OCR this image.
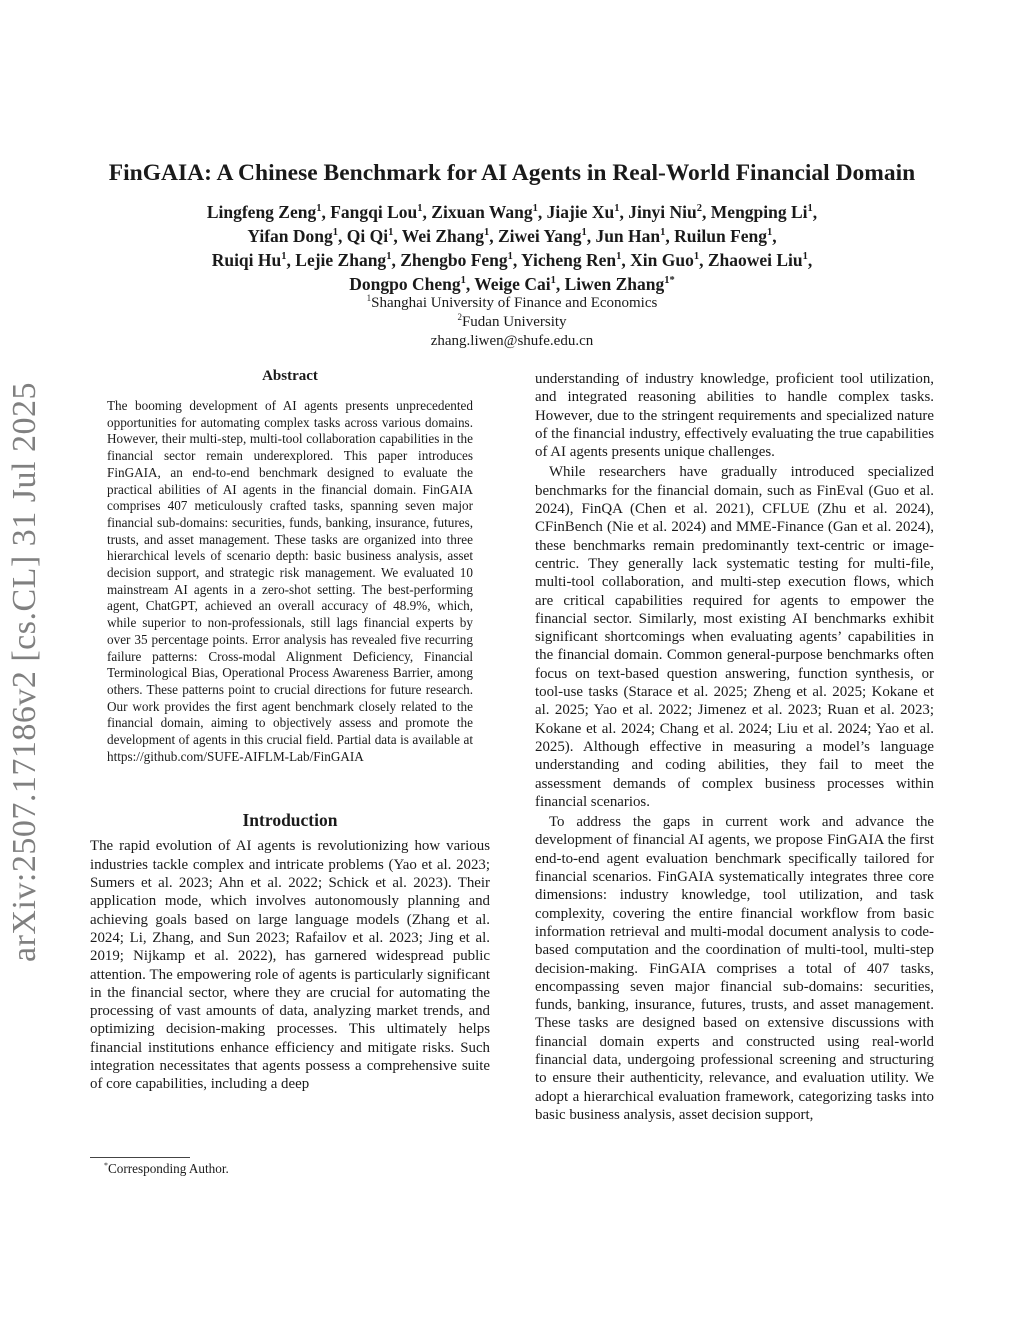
arXiv:2507.17186v2 [cs.CL] 31 Jul 2025
FinGAIA: A Chinese Benchmark for AI Agents in Real-World Financial Domain
Lingfeng Zeng$^1$, Fangqi Lou$^1$, Zixuan Wang$^1$, Jiajie Xu$^1$, Jinyi Niu$^2$, Mengping Li$^1$,
Yifan Dong$^1$, Qi Qi$^1$, Wei Zhang$^1$, Ziwei Yang$^1$, Jun Han$^1$, Ruilun Feng$^1$,
Ruiqi Hu$^1$, Lejie Zhang$^1$, Zhengbo Feng$^1$, Yicheng Ren$^1$, Xin Guo$^1$, Zhaowei Liu$^1$,
Dongpo Cheng$^1$, Weige Cai$^1$, Liwen Zhang$^{1*}$
$^1$Shanghai University of Finance and Economics
$^2$Fudan University
zhang.liwen@shufe.edu.cn
Abstract
The booming development of AI agents presents unprecedented opportunities for automating complex tasks across various domains. However, their multi-step, multi-tool collaboration capabilities in the financial sector remain underexplored. This paper introduces FinGAIA, an end-to-end benchmark designed to evaluate the practical abilities of AI agents in the financial domain. FinGAIA comprises 407 meticulously crafted tasks, spanning seven major financial sub-domains: securities, funds, banking, insurance, futures, trusts, and asset management. These tasks are organized into three hierarchical levels of scenario depth: basic business analysis, asset decision support, and strategic risk management. We evaluated 10 mainstream AI agents in a zero-shot setting. The best-performing agent, ChatGPT, achieved an overall accuracy of 48.9%, which, while superior to non-professionals, still lags financial experts by over 35 percentage points. Error analysis has revealed five recurring failure patterns: Cross-modal Alignment Deficiency, Financial Terminological Bias, Operational Process Awareness Barrier, among others. These patterns point to crucial directions for future research. Our work provides the first agent benchmark closely related to the financial domain, aiming to objectively assess and promote the development of agents in this crucial field. Partial data is available at https://github.com/SUFE-AIFLM-Lab/FinGAIA
Introduction

The rapid evolution of AI agents is revolutionizing how various industries tackle complex and intricate problems (Yao et al. 2023; Sumers et al. 2023; Ahn et al. 2022; Schick et al. 2023). Their application mode, which involves autonomously planning and achieving goals based on large language models (Zhang et al. 2024; Li, Zhang, and Sun 2023; Rafailov et al. 2023; Jing et al. 2019; Nijkamp et al. 2022), has garnered widespread public attention. The empowering role of agents is particularly significant in the financial sector, where they are crucial for automating the processing of vast amounts of data, analyzing market trends, and optimizing decision-making processes. This ultimately helps financial institutions enhance efficiency and mitigate risks. Such integration necessitates that agents possess a comprehensive suite of core capabilities, including a deep

*Corresponding Author.

understanding of industry knowledge, proficient tool utilization, and integrated reasoning abilities to handle complex tasks. However, due to the stringent requirements and specialized nature of the financial industry, effectively evaluating the true capabilities of AI agents presents unique challenges.

While researchers have gradually introduced specialized benchmarks for the financial domain, such as FinEval (Guo et al. 2024), FinQA (Chen et al. 2021), CFLUE (Zhu et al. 2024), CFinBench (Nie et al. 2024) and MME-Finance (Gan et al. 2024), these benchmarks remain predominantly text-centric or image-centric. They generally lack systematic testing for multi-file, multi-tool collaboration, and multi-step execution flows, which are critical capabilities required for agents to empower the financial sector. Similarly, most existing AI benchmarks exhibit significant shortcomings when evaluating agents’ capabilities in the financial domain. Common general-purpose benchmarks often focus on text-based question answering, function synthesis, or tool-use tasks (Starace et al. 2025; Zheng et al. 2025; Kokane et al. 2025; Yao et al. 2022; Jimenez et al. 2023; Ruan et al. 2023; Kokane et al. 2024; Chang et al. 2024; Liu et al. 2024; Yao et al. 2025). Although effective in measuring a model’s language understanding and coding abilities, they fail to meet the assessment demands of complex business processes within financial scenarios.

To address the gaps in current work and advance the development of financial AI agents, we propose FinGAIA the first end-to-end agent evaluation benchmark specifically tailored for financial scenarios. FinGAIA systematically integrates three core dimensions: industry knowledge, tool utilization, and task complexity, covering the entire financial workflow from basic information retrieval and multi-modal document analysis to code-based computation and the coordination of multi-tool, multi-step decision-making. FinGAIA comprises a total of 407 tasks, encompassing seven major financial sub-domains: securities, funds, banking, insurance, futures, trusts, and asset management. These tasks are designed based on extensive discussions with financial domain experts and constructed using real-world financial data, undergoing professional screening and structuring to ensure their authenticity, relevance, and evaluation utility. We adopt a hierarchical evaluation framework, categorizing tasks into basic business analysis, asset decision support,
